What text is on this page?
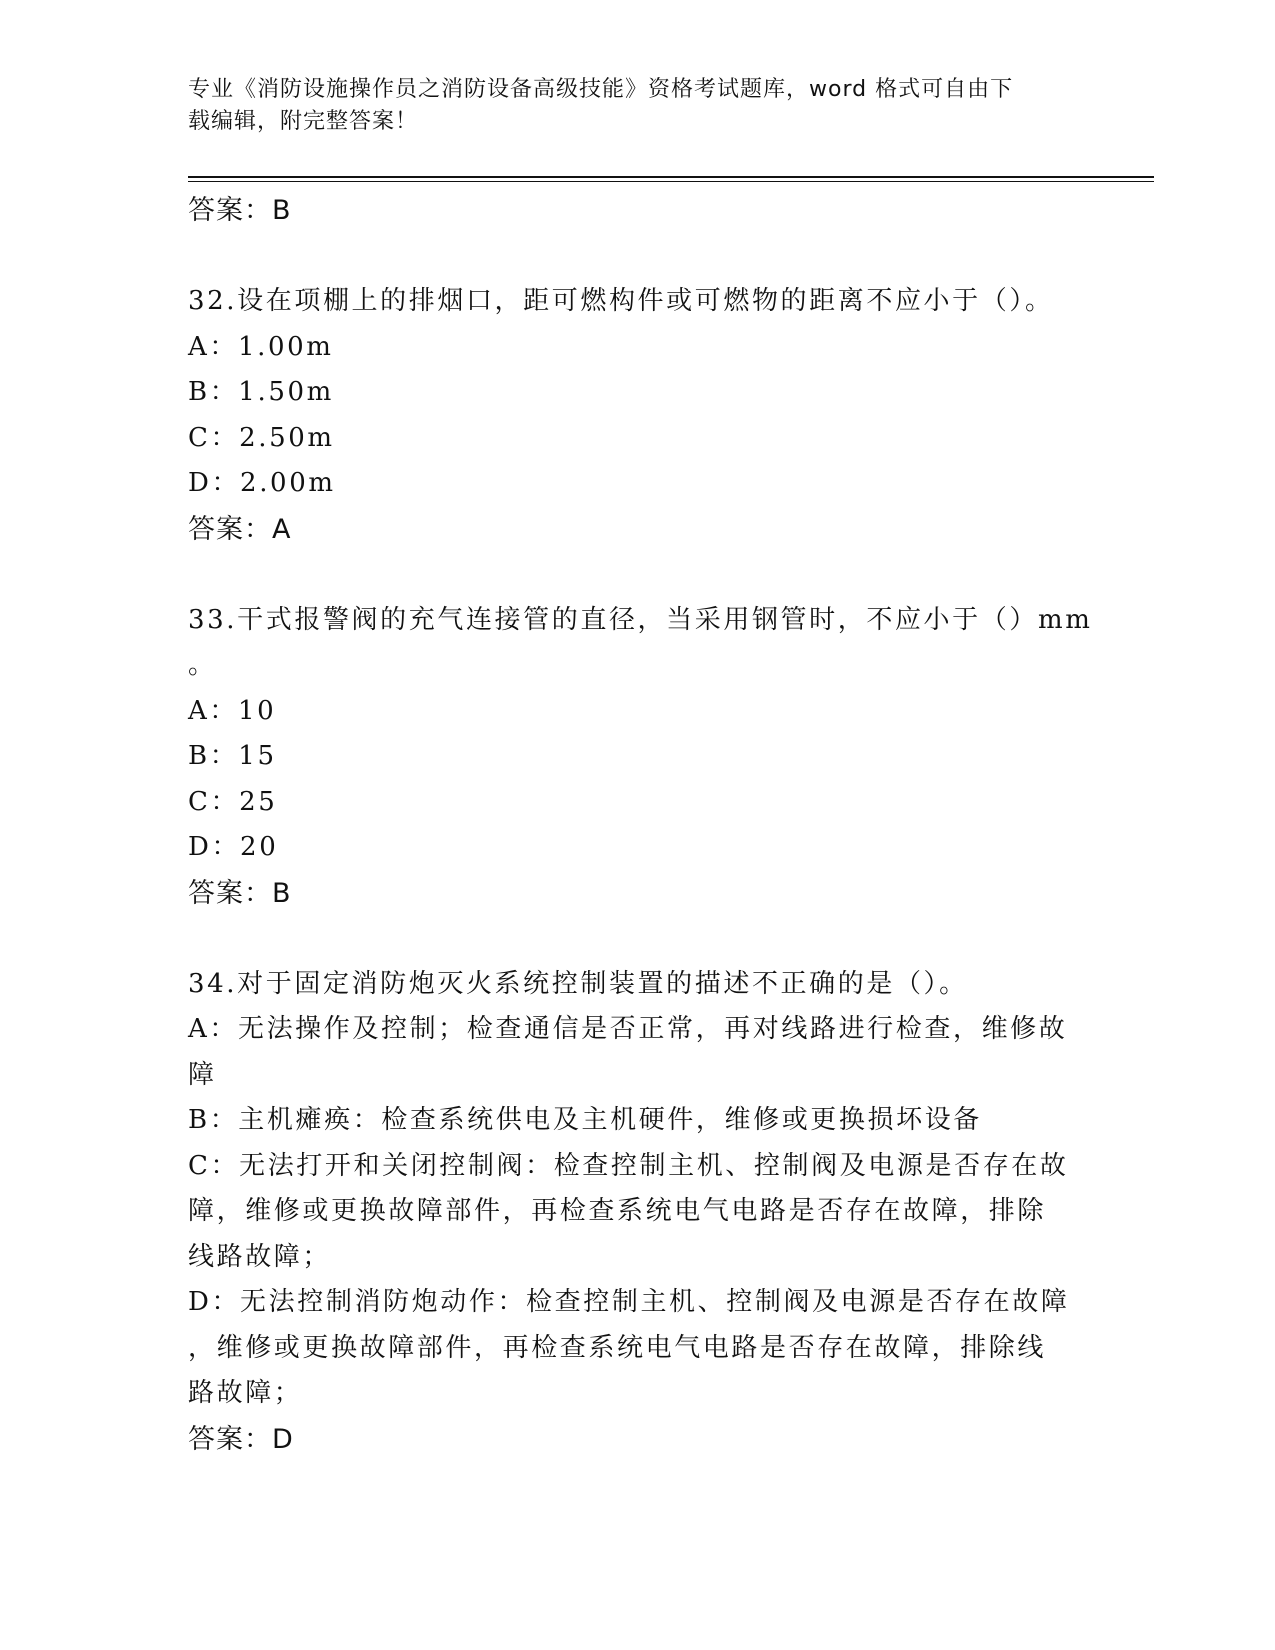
专业《消防设施操作员之消防设备高级技能》资格考试题库，word 格式可自由下
载编辑，附完整答案！
答案：B
32.设在项棚上的排烟口，距可燃构件或可燃物的距离不应小于（）。
A：1.00m
B：1.50m
C：2.50m
D：2.00m
答案：A
33.干式报警阀的充气连接管的直径，当采用钢管时，不应小于（）mm
。
A：10
B：15
C：25
D：20
答案：B
34.对于固定消防炮灭火系统控制装置的描述不正确的是（）。
A：无法操作及控制；检查通信是否正常，再对线路进行检查，维修故
障
B：主机瘫痪：检查系统供电及主机硬件，维修或更换损坏设备
C：无法打开和关闭控制阀：检查控制主机、控制阀及电源是否存在故
障，维修或更换故障部件，再检查系统电气电路是否存在故障，排除
线路故障；
D：无法控制消防炮动作：检查控制主机、控制阀及电源是否存在故障
，维修或更换故障部件，再检查系统电气电路是否存在故障，排除线
路故障；
答案：D
